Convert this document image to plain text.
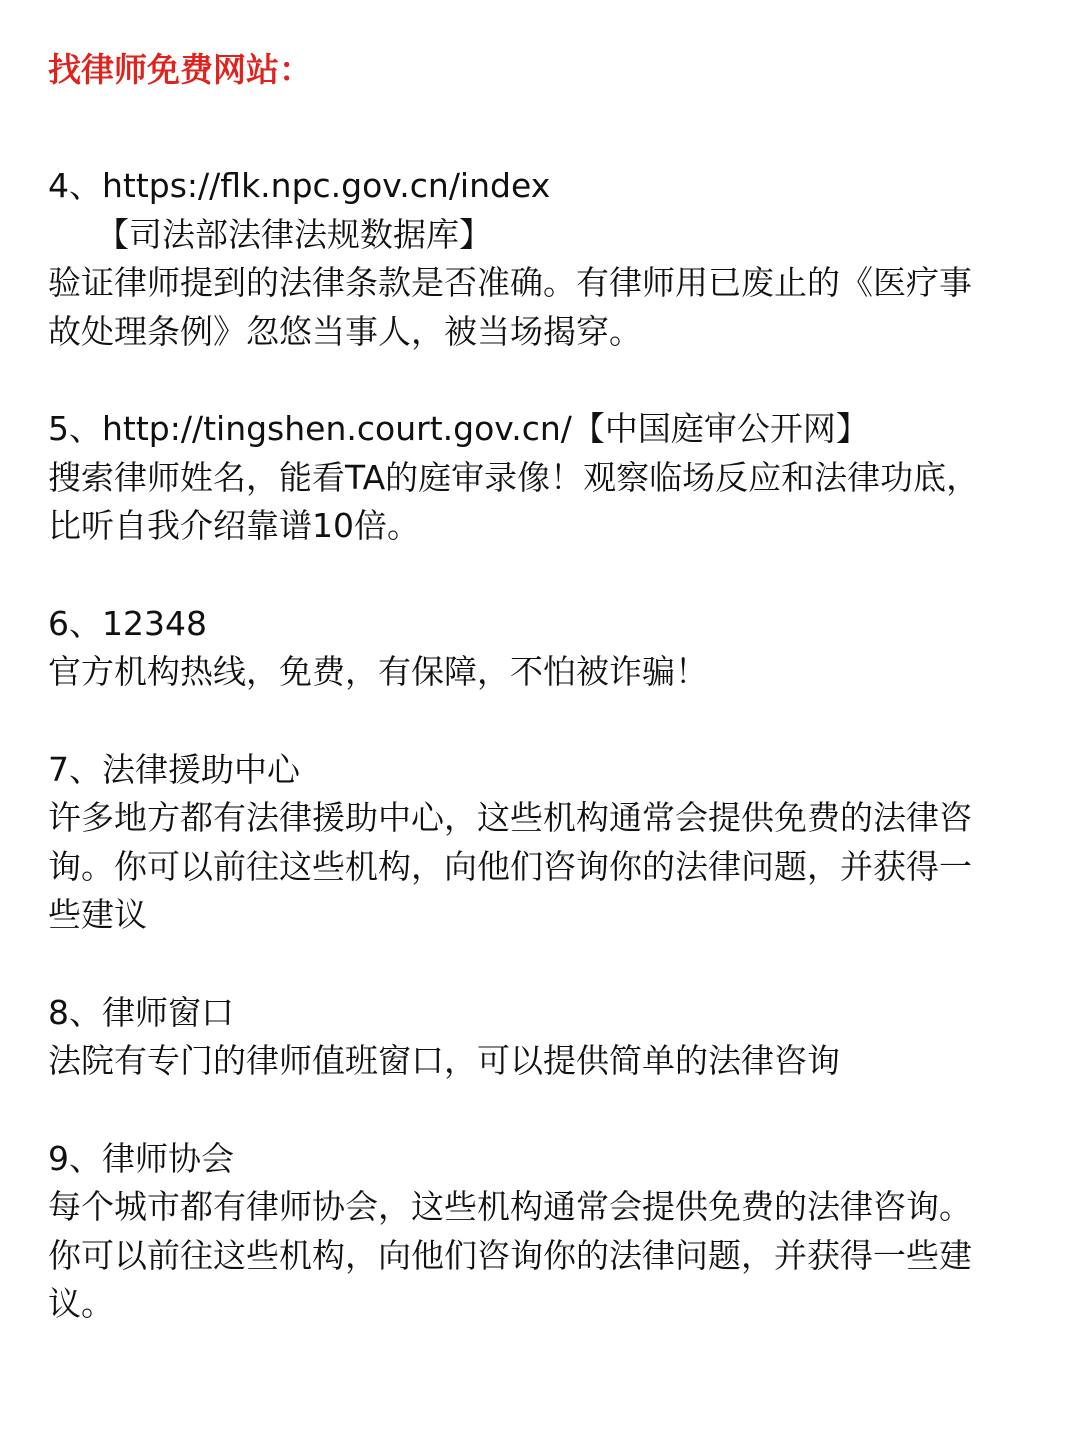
找律师免费网站：

4、https://flk.npc.gov.cn/index

【司法部法律法规数据库】

验证律师提到的法律条款是否准确。有律师用已废止的《医疗事

故处理条例》忽悠当事人，被当场揭穿。

5、http://tingshen.court.gov.cn/【中国庭审公开网】

搜索律师姓名，能看TA的庭审录像！观察临场反应和法律功底，

比听自我介绍靠谱10倍。

6、12348

官方机构热线，免费，有保障，不怕被诈骗！

7、法律援助中心

许多地方都有法律援助中心，这些机构通常会提供免费的法律咨

询。你可以前往这些机构，向他们咨询你的法律问题，并获得一

些建议

8、律师窗口

法院有专门的律师值班窗口，可以提供简单的法律咨询

9、律师协会

每个城市都有律师协会，这些机构通常会提供免费的法律咨询。

你可以前往这些机构，向他们咨询你的法律问题，并获得一些建

议。
